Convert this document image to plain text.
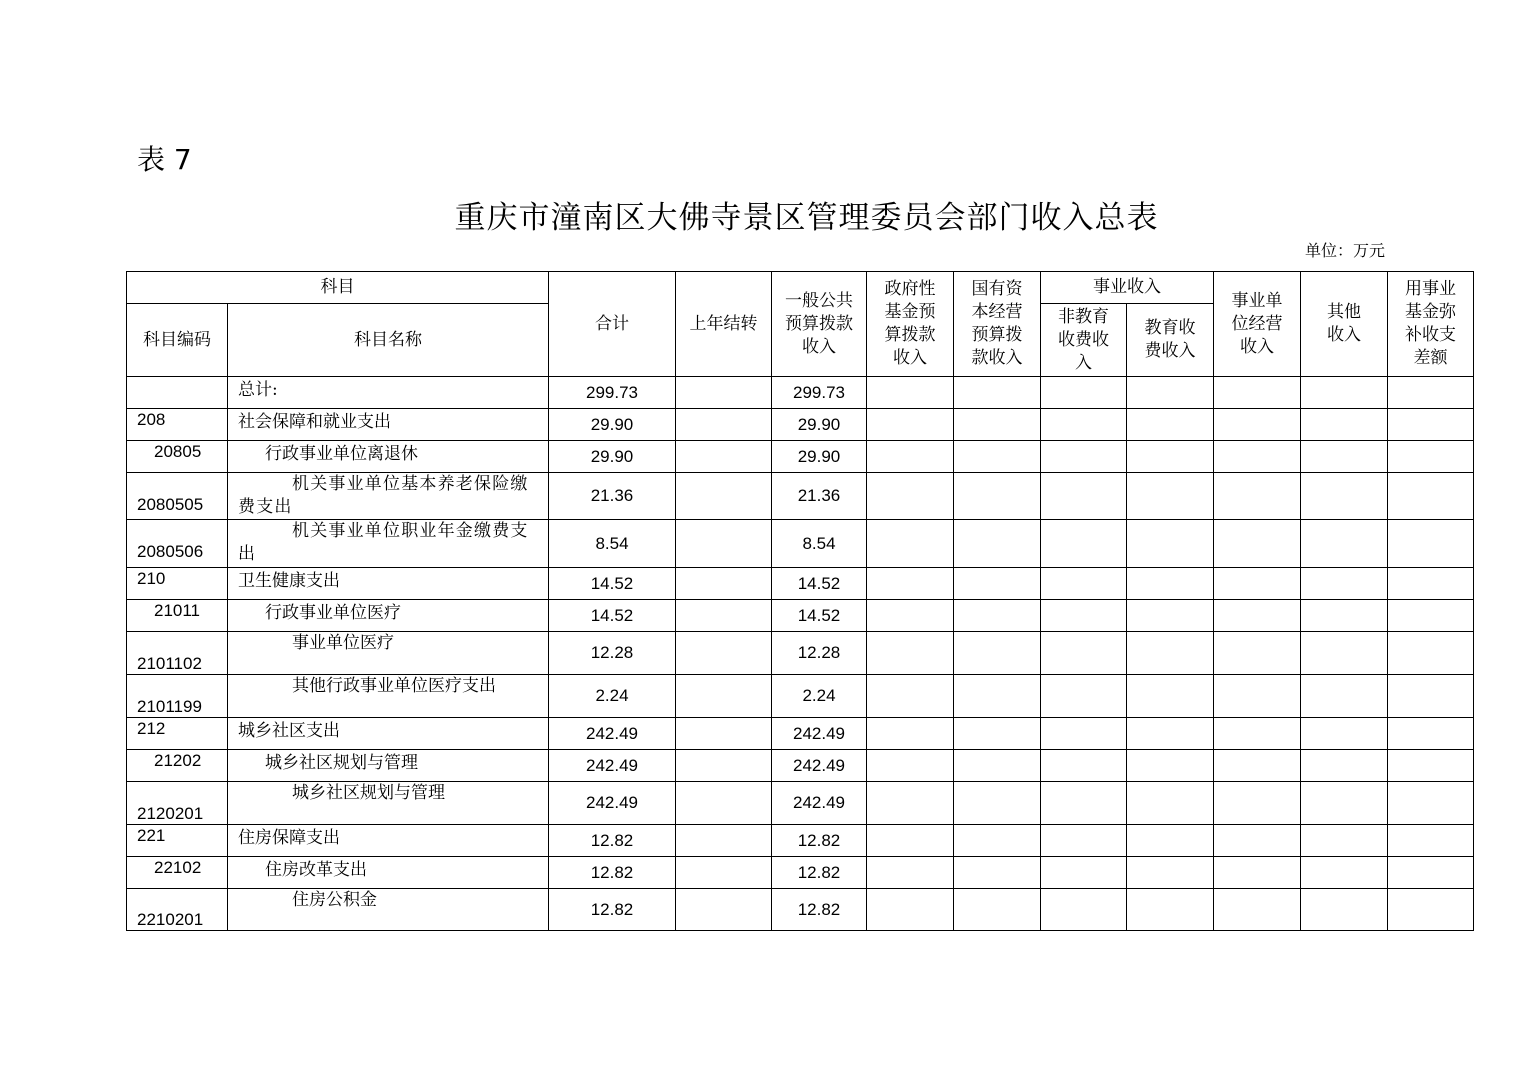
表 7
重庆市潼南区大佛寺景区管理委员会部门收入总表
单位：万元
科目		合计	上年结转	一般公共预算拨款收入	政府性基金预算拨款收入	国有资本经营预算拨款收入	事业收入		事业单位经营收入	其他收入	用事业基金弥补收支差额
科目编码	科目名称						非教育收费收入	教育收费收入			

	总计:	299.73		299.73							

208	社会保障和就业支出	29.90		29.90							

20805	行政事业单位离退休	29.90		29.90							

2080505	机关事业单位基本养老保险缴费支出	21.36		21.36							

2080506	机关事业单位职业年金缴费支出	8.54		8.54							

210	卫生健康支出	14.52		14.52							

21011	行政事业单位医疗	14.52		14.52							

2101102	事业单位医疗	12.28		12.28							

2101199	其他行政事业单位医疗支出	2.24		2.24							

212	城乡社区支出	242.49		242.49							

21202	城乡社区规划与管理	242.49		242.49							

2120201	城乡社区规划与管理	242.49		242.49							

221	住房保障支出	12.82		12.82							

22102	住房改革支出	12.82		12.82							

2210201	住房公积金	12.82		12.82							
